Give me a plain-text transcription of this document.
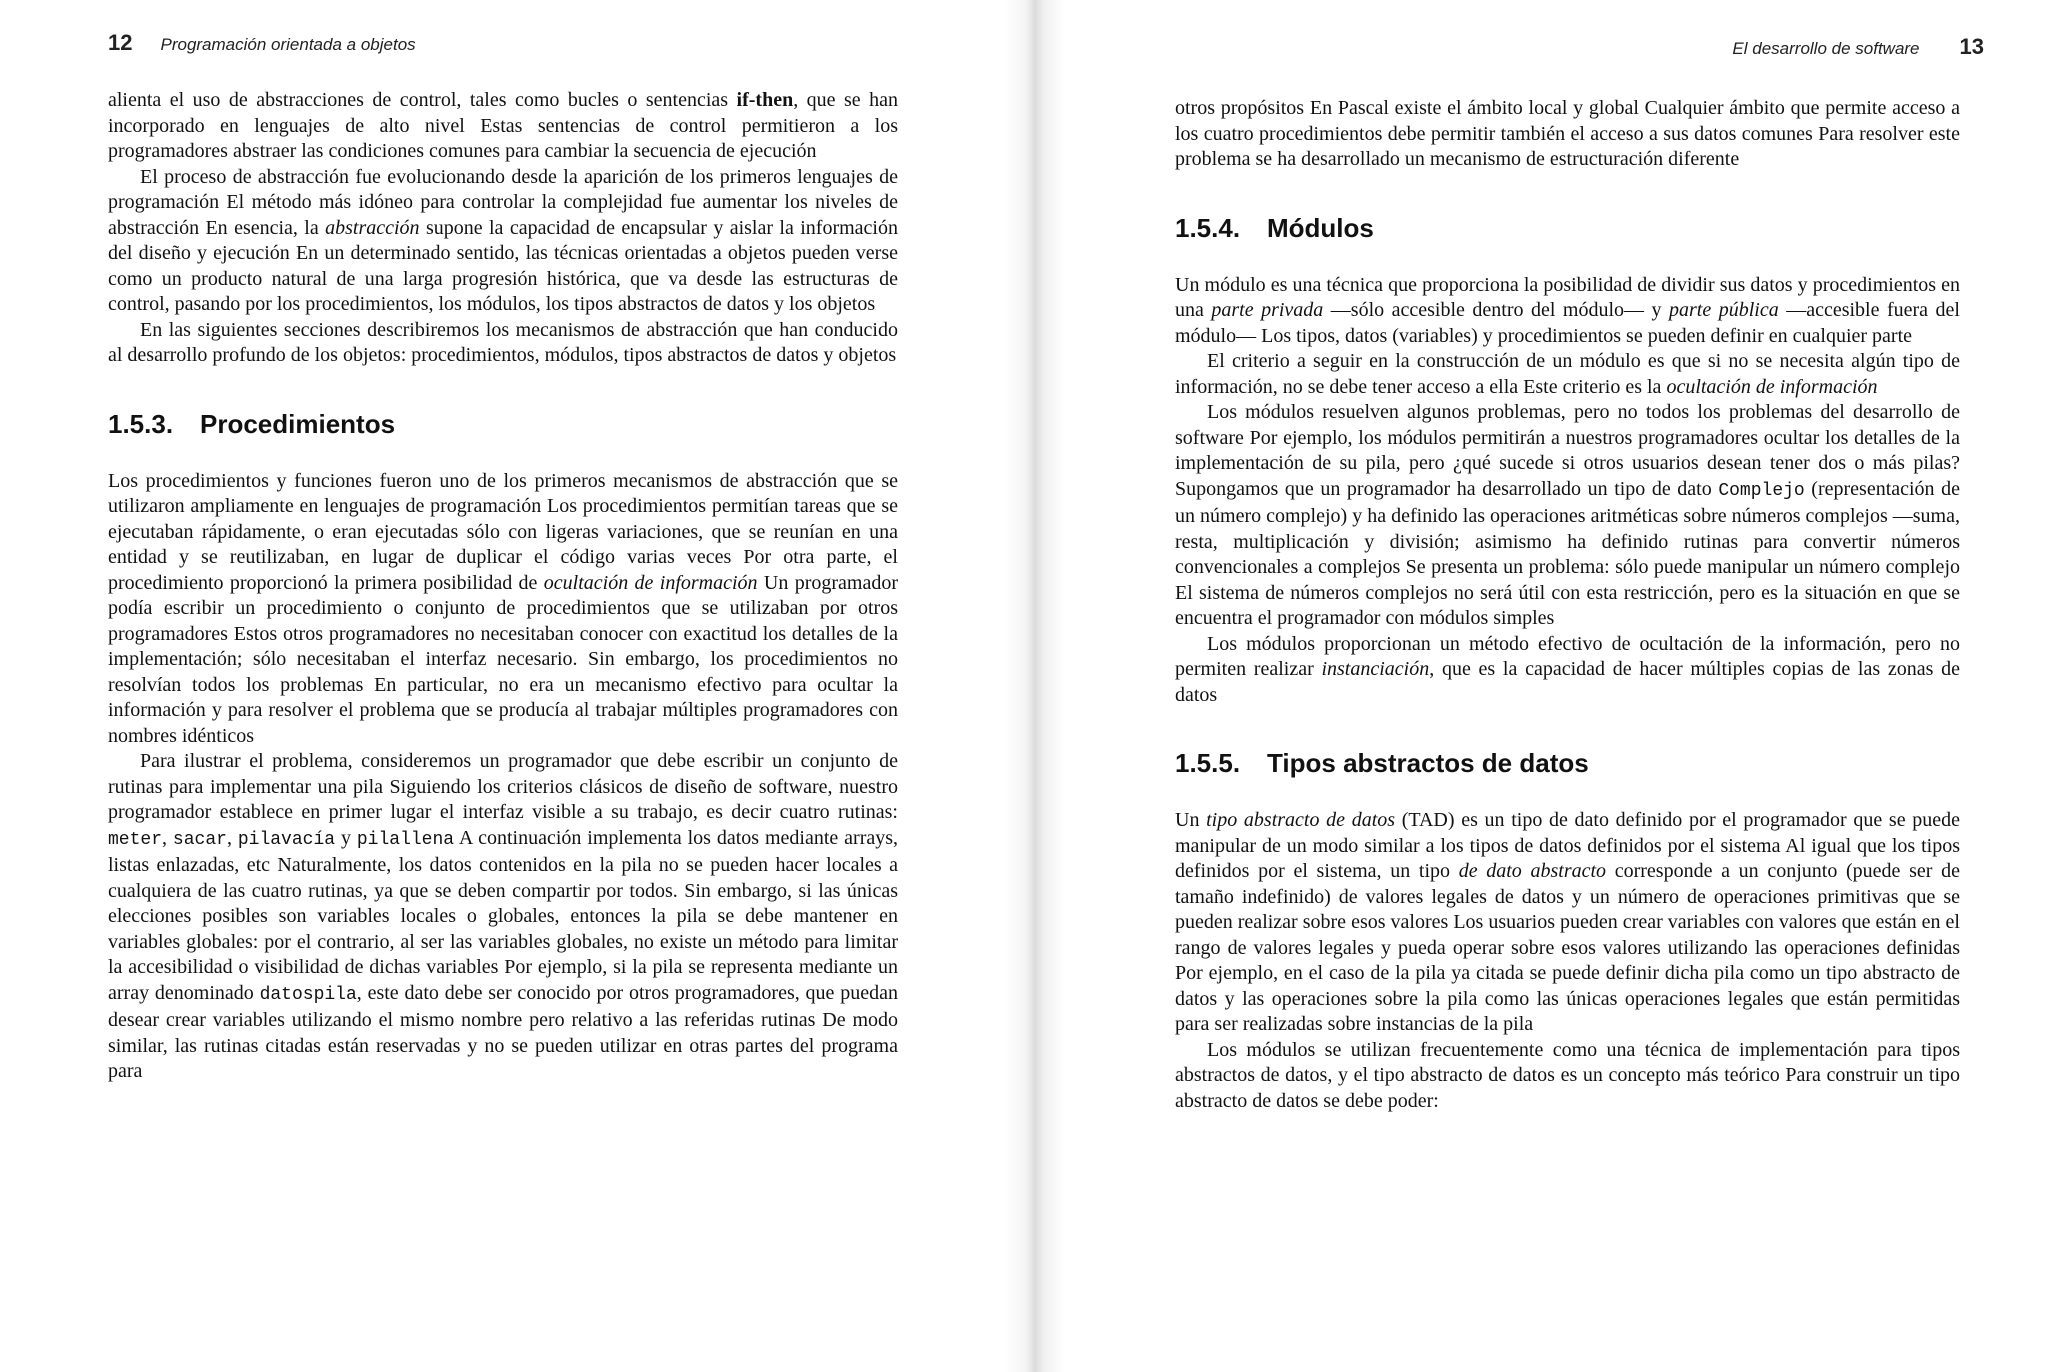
12 Programación orientada a objetos

alienta el uso de abstracciones de control, tales como bucles o sentencias if-then, que se han incorporado en lenguajes de alto nivel Estas sentencias de control permitieron a los programadores abstraer las condiciones comunes para cambiar la secuencia de ejecución

El proceso de abstracción fue evolucionando desde la aparición de los primeros lenguajes de programación El método más idóneo para controlar la complejidad fue aumentar los niveles de abstracción En esencia, la abstracción supone la capacidad de encapsular y aislar la información del diseño y ejecución En un determinado sentido, las técnicas orientadas a objetos pueden verse como un producto natural de una larga progresión histórica, que va desde las estructuras de control, pasando por los procedimientos, los módulos, los tipos abstractos de datos y los objetos

En las siguientes secciones describiremos los mecanismos de abstracción que han conducido al desarrollo profundo de los objetos: procedimientos, módulos, tipos abstractos de datos y objetos

1.5.3. Procedimientos

Los procedimientos y funciones fueron uno de los primeros mecanismos de abstracción que se utilizaron ampliamente en lenguajes de programación Los procedimientos permitían tareas que se ejecutaban rápidamente, o eran ejecutadas sólo con ligeras variaciones, que se reunían en una entidad y se reutilizaban, en lugar de duplicar el código varias veces Por otra parte, el procedimiento proporcionó la primera posibilidad de ocultación de información Un programador podía escribir un procedimiento o conjunto de procedimientos que se utilizaban por otros programadores Estos otros programadores no necesitaban conocer con exactitud los detalles de la implementación; sólo necesitaban el interfaz necesario. Sin embargo, los procedimientos no resolvían todos los problemas En particular, no era un mecanismo efectivo para ocultar la información y para resolver el problema que se producía al trabajar múltiples programadores con nombres idénticos

Para ilustrar el problema, consideremos un programador que debe escribir un conjunto de rutinas para implementar una pila Siguiendo los criterios clásicos de diseño de software, nuestro programador establece en primer lugar el interfaz visible a su trabajo, es decir cuatro rutinas: meter, sacar, pilavacía y pilallena A continuación implementa los datos mediante arrays, listas enlazadas, etc Naturalmente, los datos contenidos en la pila no se pueden hacer locales a cualquiera de las cuatro rutinas, ya que se deben compartir por todos. Sin embargo, si las únicas elecciones posibles son variables locales o globales, entonces la pila se debe mantener en variables globales: por el contrario, al ser las variables globales, no existe un método para limitar la accesibilidad o visibilidad de dichas variables Por ejemplo, si la pila se representa mediante un array denominado datospila, este dato debe ser conocido por otros programadores, que puedan desear crear variables utilizando el mismo nombre pero relativo a las referidas rutinas De modo similar, las rutinas citadas están reservadas y no se pueden utilizar en otras partes del programa para

El desarrollo de software 13

otros propósitos En Pascal existe el ámbito local y global Cualquier ámbito que permite acceso a los cuatro procedimientos debe permitir también el acceso a sus datos comunes Para resolver este problema se ha desarrollado un mecanismo de estructuración diferente

1.5.4. Módulos

Un módulo es una técnica que proporciona la posibilidad de dividir sus datos y procedimientos en una parte privada —sólo accesible dentro del módulo— y parte pública —accesible fuera del módulo— Los tipos, datos (variables) y procedimientos se pueden definir en cualquier parte

El criterio a seguir en la construcción de un módulo es que si no se necesita algún tipo de información, no se debe tener acceso a ella Este criterio es la ocultación de información

Los módulos resuelven algunos problemas, pero no todos los problemas del desarrollo de software Por ejemplo, los módulos permitirán a nuestros programadores ocultar los detalles de la implementación de su pila, pero ¿qué sucede si otros usuarios desean tener dos o más pilas? Supongamos que un programador ha desarrollado un tipo de dato Complejo (representación de un número complejo) y ha definido las operaciones aritméticas sobre números complejos —suma, resta, multiplicación y división; asimismo ha definido rutinas para convertir números convencionales a complejos Se presenta un problema: sólo puede manipular un número complejo El sistema de números complejos no será útil con esta restricción, pero es la situación en que se encuentra el programador con módulos simples

Los módulos proporcionan un método efectivo de ocultación de la información, pero no permiten realizar instanciación, que es la capacidad de hacer múltiples copias de las zonas de datos

1.5.5. Tipos abstractos de datos

Un tipo abstracto de datos (TAD) es un tipo de dato definido por el programador que se puede manipular de un modo similar a los tipos de datos definidos por el sistema Al igual que los tipos definidos por el sistema, un tipo de dato abstracto corresponde a un conjunto (puede ser de tamaño indefinido) de valores legales de datos y un número de operaciones primitivas que se pueden realizar sobre esos valores Los usuarios pueden crear variables con valores que están en el rango de valores legales y pueda operar sobre esos valores utilizando las operaciones definidas Por ejemplo, en el caso de la pila ya citada se puede definir dicha pila como un tipo abstracto de datos y las operaciones sobre la pila como las únicas operaciones legales que están permitidas para ser realizadas sobre instancias de la pila

Los módulos se utilizan frecuentemente como una técnica de implementación para tipos abstractos de datos, y el tipo abstracto de datos es un concepto más teórico Para construir un tipo abstracto de datos se debe poder:
